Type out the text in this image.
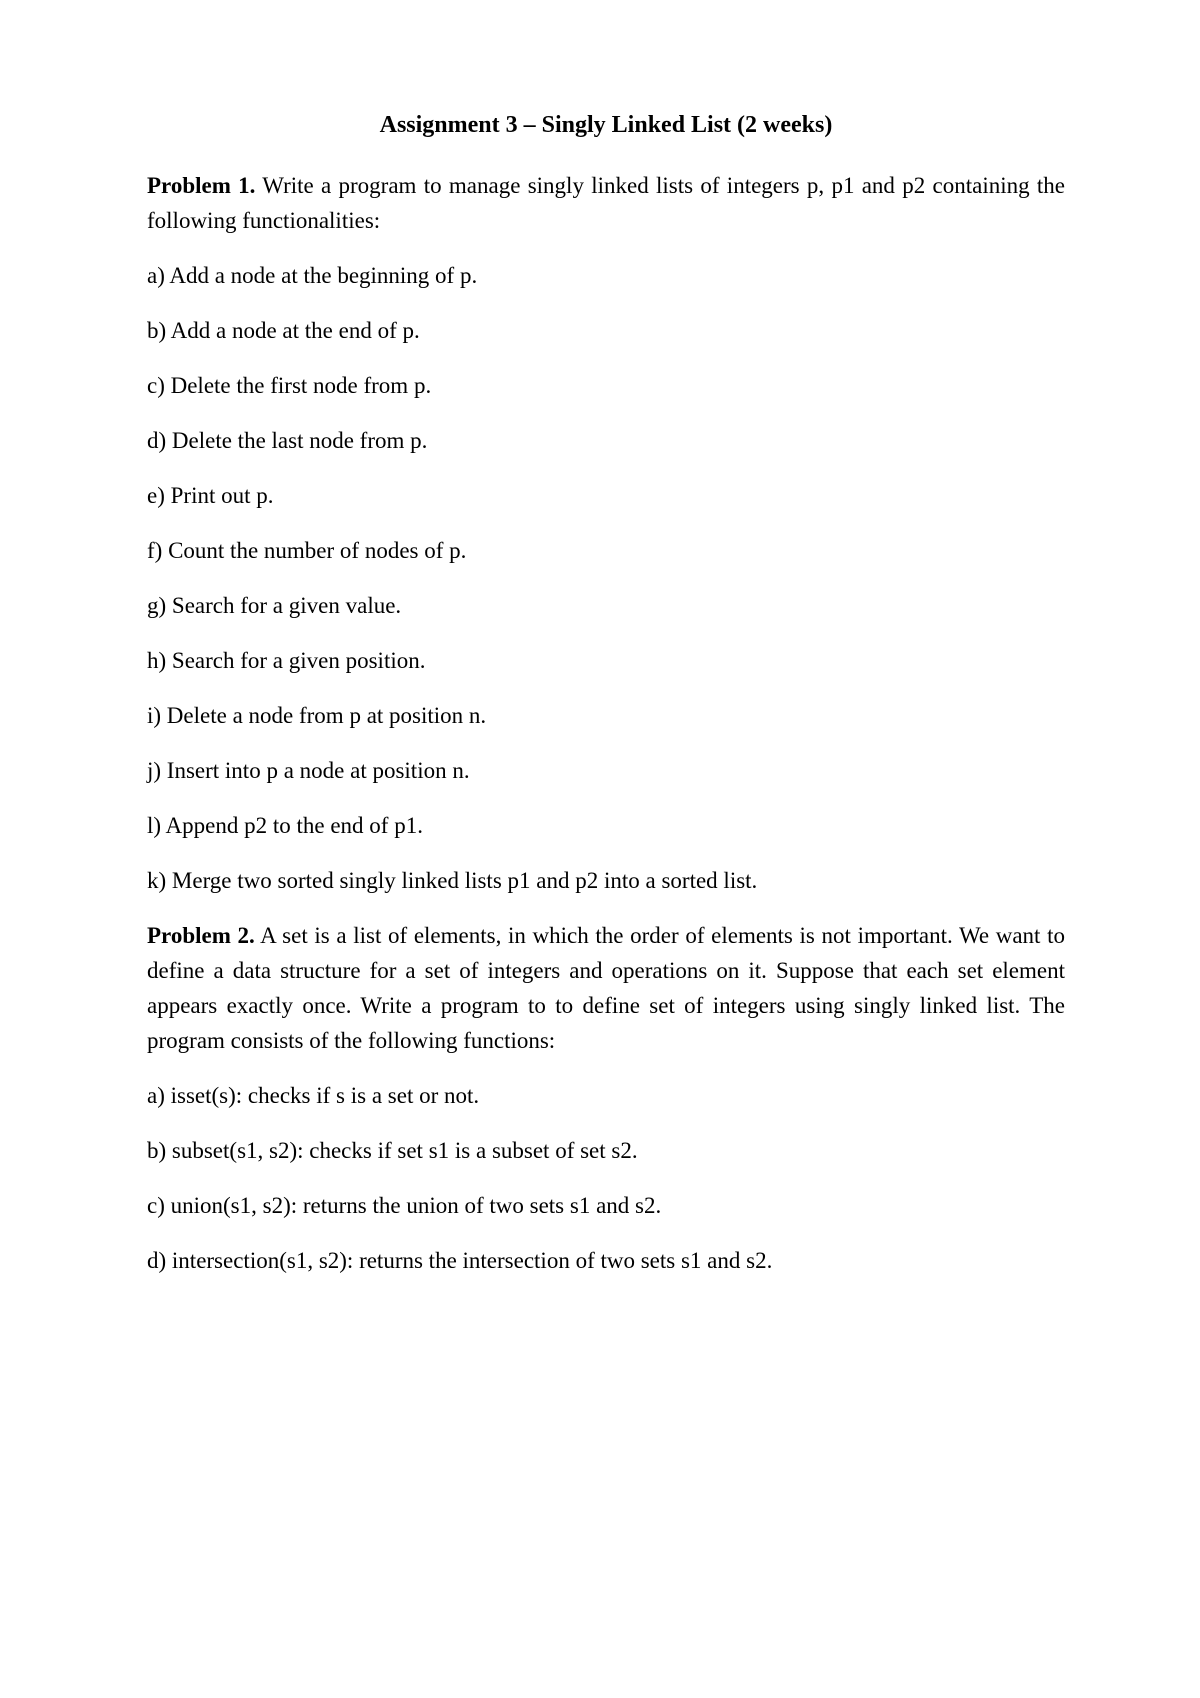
Assignment 3 – Singly Linked List (2 weeks)

Problem 1. Write a program to manage singly linked lists of integers p, p1 and p2 containing the following functionalities:

a) Add a node at the beginning of p.
b) Add a node at the end of p.
c) Delete the first node from p.
d) Delete the last node from p.
e) Print out p.
f) Count the number of nodes of p.
g) Search for a given value.
h) Search for a given position.
i) Delete a node from p at position n.
j) Insert into p a node at position n.
l) Append p2 to the end of p1.
k) Merge two sorted singly linked lists p1 and p2 into a sorted list.

Problem 2. A set is a list of elements, in which the order of elements is not important. We want to define a data structure for a set of integers and operations on it. Suppose that each set element appears exactly once. Write a program to to define set of integers using singly linked list. The program consists of the following functions:

a) isset(s): checks if s is a set or not.
b) subset(s1, s2): checks if set s1 is a subset of set s2.
c) union(s1, s2): returns the union of two sets s1 and s2.
d) intersection(s1, s2): returns the intersection of two sets s1 and s2.
